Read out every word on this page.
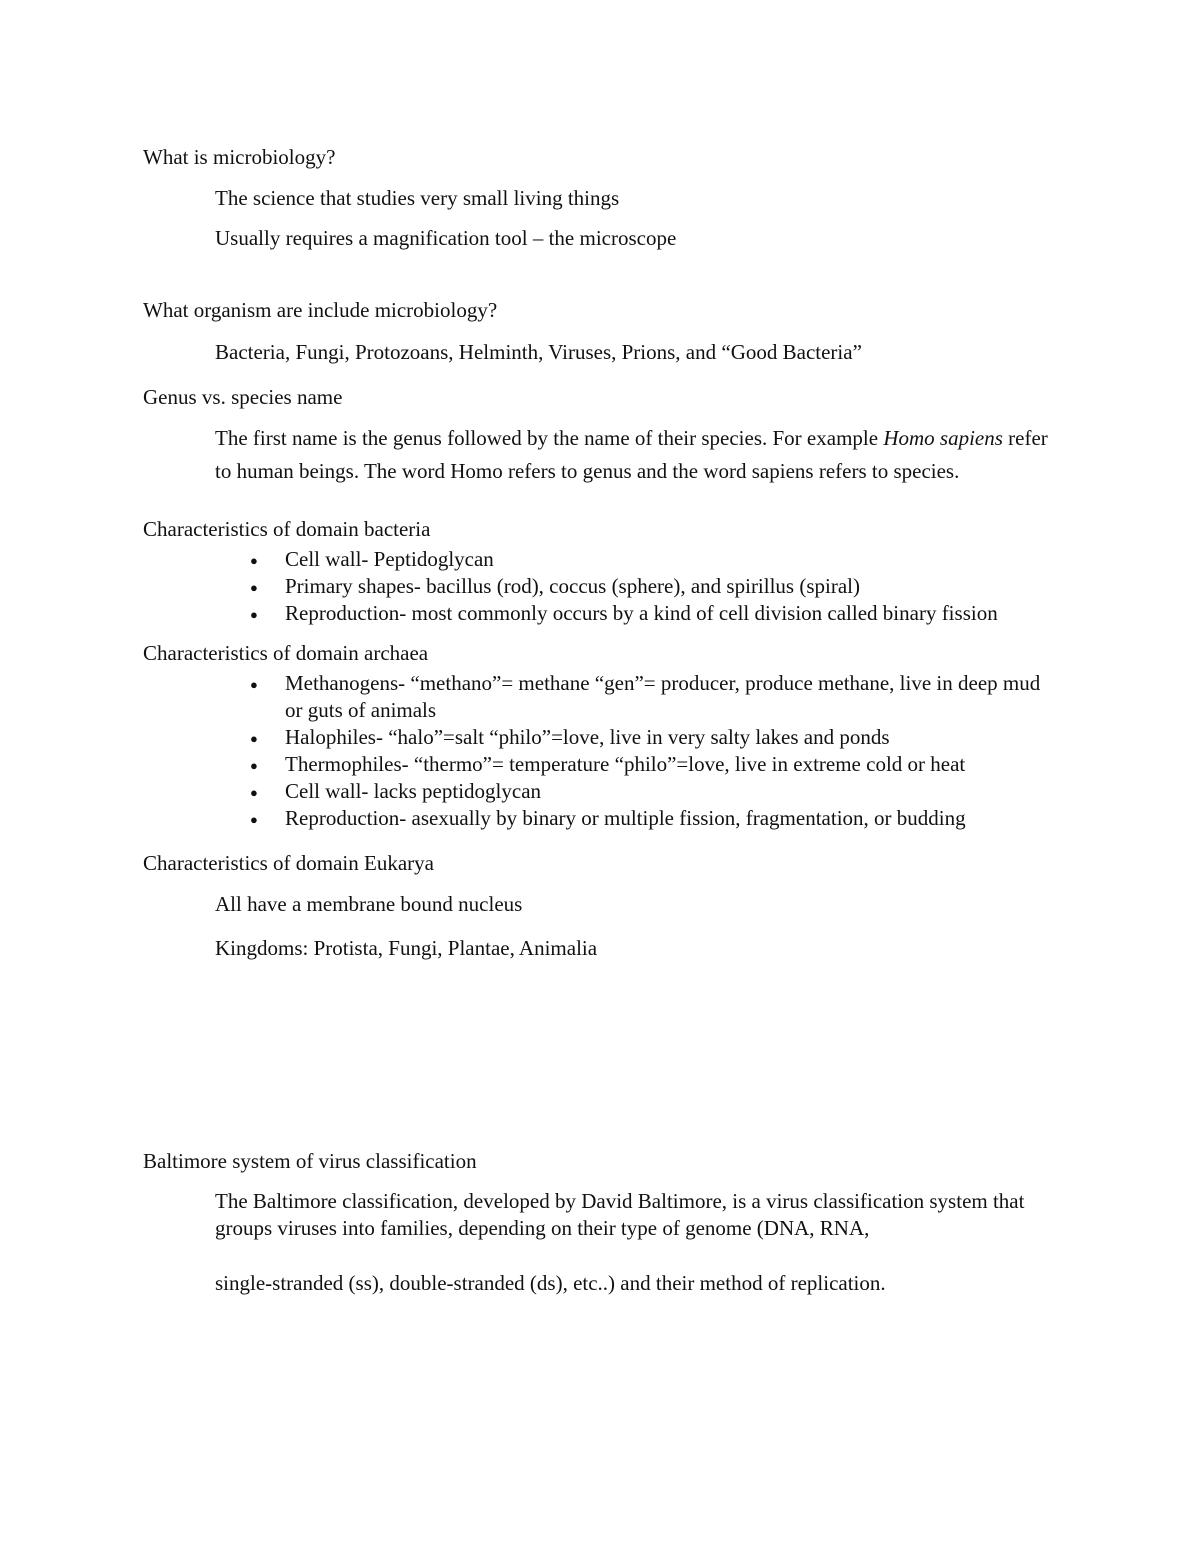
What is microbiology?

The science that studies very small living things

Usually requires a magnification tool – the microscope

What organism are include microbiology?

Bacteria, Fungi, Protozoans, Helminth, Viruses, Prions, and “Good Bacteria”

Genus vs. species name

The first name is the genus followed by the name of their species. For example Homo sapiens refer to human beings. The word Homo refers to genus and the word sapiens refers to species.

Characteristics of domain bacteria
● Cell wall- Peptidoglycan
● Primary shapes- bacillus (rod), coccus (sphere), and spirillus (spiral)
● Reproduction- most commonly occurs by a kind of cell division called binary fission
Characteristics of domain archaea
● Methanogens- “methano”= methane “gen”= producer, produce methane, live in deep mud or guts of animals
● Halophiles- “halo”=salt “philo”=love, live in very salty lakes and ponds
● Thermophiles- “thermo”= temperature “philo”=love, live in extreme cold or heat
● Cell wall- lacks peptidoglycan
● Reproduction- asexually by binary or multiple fission, fragmentation, or budding
Characteristics of domain Eukarya

All have a membrane bound nucleus

Kingdoms: Protista, Fungi, Plantae, Animalia

Baltimore system of virus classification

The Baltimore classification, developed by David Baltimore, is a virus classification system that groups viruses into families, depending on their type of genome (DNA, RNA,

single-stranded (ss), double-stranded (ds), etc..) and their method of replication.
